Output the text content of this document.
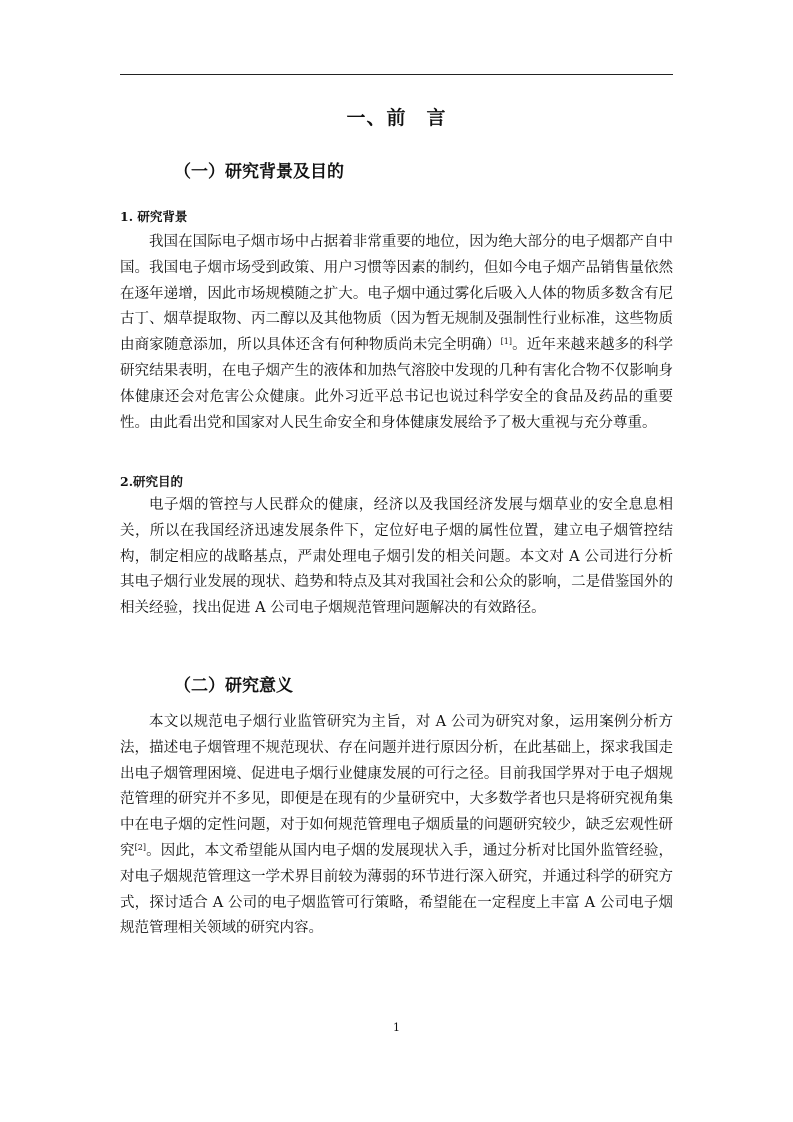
一、前　言
（一）研究背景及目的
1. 研究背景

我国在国际电子烟市场中占据着非常重要的地位，因为绝大部分的电子烟都产自中国。我国电子烟市场受到政策、用户习惯等因素的制约，但如今电子烟产品销售量依然在逐年递增，因此市场规模随之扩大。电子烟中通过雾化后吸入人体的物质多数含有尼古丁、烟草提取物、丙二醇以及其他物质（因为暂无规制及强制性行业标准，这些物质由商家随意添加，所以具体还含有何种物质尚未完全明确）[1]。近年来越来越多的科学研究结果表明，在电子烟产生的液体和加热气溶胶中发现的几种有害化合物不仅影响身体健康还会对危害公众健康。此外习近平总书记也说过科学安全的食品及药品的重要性。由此看出党和国家对人民生命安全和身体健康发展给予了极大重视与充分尊重。

2.研究目的

电子烟的管控与人民群众的健康，经济以及我国经济发展与烟草业的安全息息相关，所以在我国经济迅速发展条件下，定位好电子烟的属性位置，建立电子烟管控结构，制定相应的战略基点，严肃处理电子烟引发的相关问题。本文对 A 公司进行分析其电子烟行业发展的现状、趋势和特点及其对我国社会和公众的影响，二是借鉴国外的相关经验，找出促进 A 公司电子烟规范管理问题解决的有效路径。

（二）研究意义

本文以规范电子烟行业监管研究为主旨，对 A 公司为研究对象，运用案例分析方法，描述电子烟管理不规范现状、存在问题并进行原因分析，在此基础上，探求我国走出电子烟管理困境、促进电子烟行业健康发展的可行之径。目前我国学界对于电子烟规范管理的研究并不多见，即便是在现有的少量研究中，大多数学者也只是将研究视角集中在电子烟的定性问题，对于如何规范管理电子烟质量的问题研究较少，缺乏宏观性研究[2]。因此，本文希望能从国内电子烟的发展现状入手，通过分析对比国外监管经验，对电子烟规范管理这一学术界目前较为薄弱的环节进行深入研究，并通过科学的研究方式，探讨适合 A 公司的电子烟监管可行策略，希望能在一定程度上丰富 A 公司电子烟规范管理相关领域的研究内容。

1
